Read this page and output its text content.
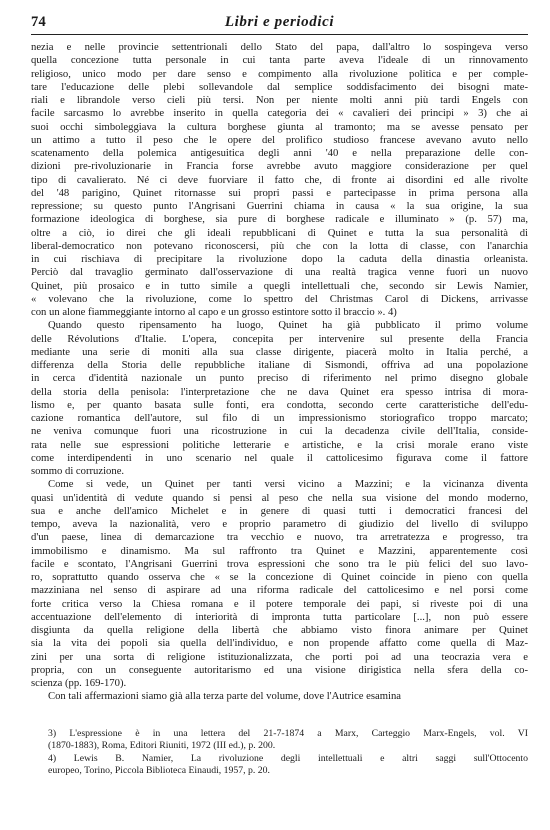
74	Libri e periodici
nezia e nelle provincie settentrionali dello Stato del papa, dall'altro lo sospingeva verso
quella concezione tutta personale in cui tanta parte aveva l'ideale di un rinnovamento
religioso, unico modo per dare senso e compimento alla rivoluzione politica e per comple-
tare l'educazione delle plebi sollevandole dal semplice soddisfacimento dei bisogni mate-
riali e librandole verso cieli più tersi. Non per niente molti anni più tardi Engels con
facile sarcasmo lo avrebbe inserito in quella categoria dei « cavalieri dei principi » 3) che ai
suoi occhi simboleggiava la cultura borghese giunta al tramonto; ma se avesse pensato per
un attimo a tutto il peso che le opere del prolifico studioso francese avevano avuto nello
scatenamento della polemica antigesuitica degli anni '40 e nella preparazione delle con-
dizioni pre-rivoluzionarie in Francia forse avrebbe avuto maggiore considerazione per quel
tipo di cavalierato. Né ci deve fuorviare il fatto che, di fronte ai disordini ed alle rivolte
del '48 parigino, Quinet ritornasse sui propri passi e partecipasse in prima persona alla
repressione; su questo punto l'Angrisani Guerrini chiama in causa « la sua origine, la sua
formazione ideologica di borghese, sia pure di borghese radicale e illuminato » (p. 57) ma,
oltre a ciò, io direi che gli ideali repubblicani di Quinet e tutta la sua personalità di
liberal-democratico non potevano riconoscersi, più che con la lotta di classe, con l'anarchia
in cui rischiava di precipitare la rivoluzione dopo la caduta della dinastia orleanista.
Perciò dal travaglio germinato dall'osservazione di una realtà tragica venne fuori un nuovo
Quinet, più prosaico e in tutto simile a quegli intellettuali che, secondo sir Lewis Namier,
« volevano che la rivoluzione, come lo spettro del Christmas Carol di Dickens, arrivasse
con un alone fiammeggiante intorno al capo e un grosso estintore sotto il braccio ». 4)
Quando questo ripensamento ha luogo, Quinet ha già pubblicato il primo volume
delle Révolutions d'Italie. L'opera, concepita per intervenire sul presente della Francia
mediante una serie di moniti alla sua classe dirigente, piacerà molto in Italia perché, a
differenza della Storia delle repubbliche italiane di Sismondi, offriva ad una popolazione
in cerca d'identità nazionale un punto preciso di riferimento nel primo disegno globale
della storia della penisola: l'interpretazione che ne dava Quinet era spesso intrisa di mora-
lismo e, per quanto basata sulle fonti, era condotta, secondo certe caratteristiche dell'edu-
cazione romantica dell'autore, sul filo di un impressionismo storiografico troppo marcato;
ne veniva comunque fuori una ricostruzione in cui la decadenza civile dell'Italia, conside-
rata nelle sue espressioni politiche letterarie e artistiche, e la crisi morale erano viste
come interdipendenti in uno scenario nel quale il cattolicesimo figurava come il fattore
sommo di corruzione.
Come si vede, un Quinet per tanti versi vicino a Mazzini; e la vicinanza diventa
quasi un'identità di vedute quando si pensi al peso che nella sua visione del mondo moderno,
sua e anche dell'amico Michelet e in genere di quasi tutti i democratici francesi del
tempo, aveva la nazionalità, vero e proprio parametro di giudizio del livello di sviluppo
d'un paese, linea di demarcazione tra vecchio e nuovo, tra arretratezza e progresso, tra
immobilismo e dinamismo. Ma sul raffronto tra Quinet e Mazzini, apparentemente così
facile e scontato, l'Angrisani Guerrini trova espressioni che sono tra le più felici del suo lavo-
ro, soprattutto quando osserva che « se la concezione di Quinet coincide in pieno con quella
mazziniana nel senso di aspirare ad una riforma radicale del cattolicesimo e nel porsi come
forte critica verso la Chiesa romana e il potere temporale dei papi, si riveste poi di una
accentuazione dell'elemento di interiorità di impronta tutta particolare [...], non può essere
disgiunta da quella religione della libertà che abbiamo visto finora animare per Quinet
sia la vita dei popoli sia quella dell'individuo, e non propende affatto come quella di Maz-
zini per una sorta di religione istituzionalizzata, che porti poi ad una teocrazia vera e
propria, con un conseguente autoritarismo ed una visione dirigistica nella sfera della co-
scienza (pp. 169-170).
Con tali affermazioni siamo già alla terza parte del volume, dove l'Autrice esamina
3) L'espressione è in una lettera del 21-7-1874 a Marx, Carteggio Marx-Engels, vol. VI
(1870-1883), Roma, Editori Riuniti, 1972 (III ed.), p. 200.
4) Lewis B. Namier, La rivoluzione degli intellettuali e altri saggi sull'Ottocento
europeo, Torino, Piccola Biblioteca Einaudi, 1957, p. 20.
